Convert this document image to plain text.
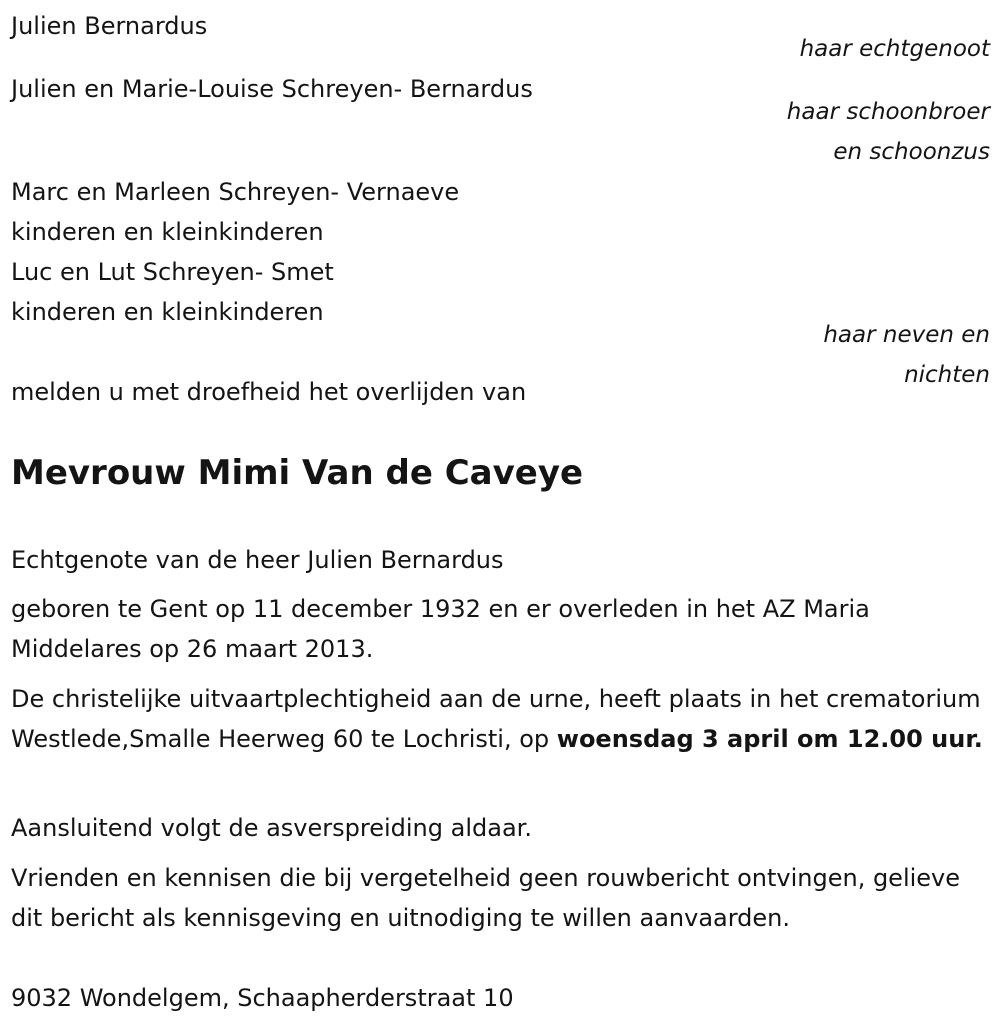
Julien Bernardus

haar echtgenoot

Julien en Marie-Louise Schreyen- Bernardus

haar schoonbroer

en schoonzus

Marc en Marleen Schreyen- Vernaeve

kinderen en kleinkinderen

Luc en Lut Schreyen- Smet

kinderen en kleinkinderen

haar neven en

nichten

melden u met droefheid het overlijden van

Mevrouw Mimi Van de Caveye

Echtgenote van de heer Julien Bernardus

geboren te Gent op 11 december 1932 en er overleden in het AZ Maria Middelares op 26 maart 2013.

De christelijke uitvaartplechtigheid aan de urne, heeft plaats in het crematorium Westlede,Smalle Heerweg 60 te Lochristi, op woensdag 3 april om 12.00 uur.

Aansluitend volgt de asverspreiding aldaar.

Vrienden en kennisen die bij vergetelheid geen rouwbericht ontvingen, gelieve dit bericht als kennisgeving en uitnodiging te willen aanvaarden.

9032 Wondelgem, Schaapherderstraat 10
